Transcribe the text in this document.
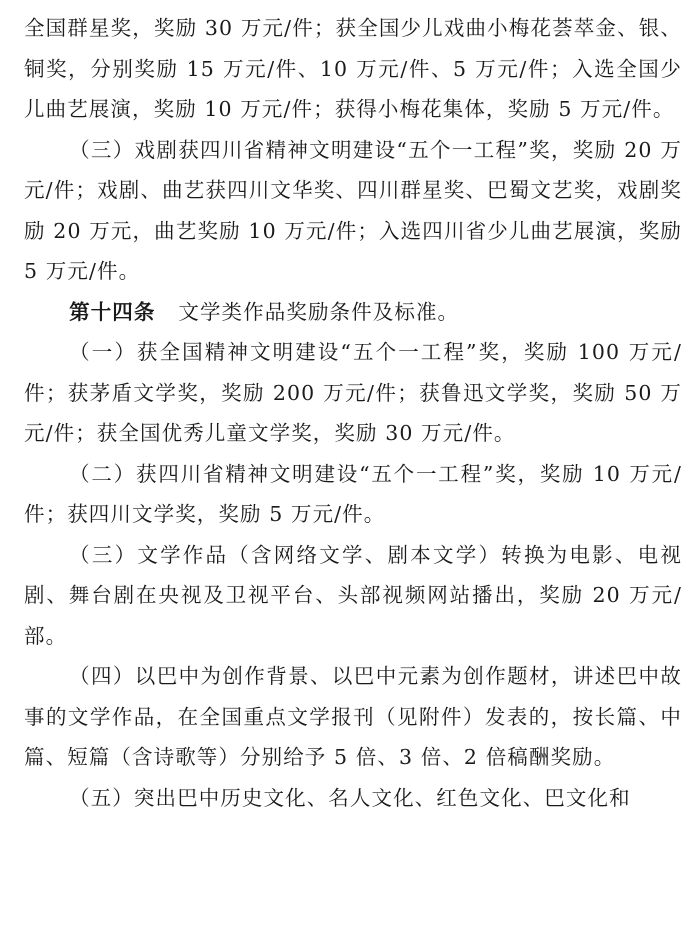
全国群星奖，奖励 30 万元/件；获全国少儿戏曲小梅花荟萃金、银、铜奖，分别奖励 15 万元/件、10 万元/件、5 万元/件；入选全国少儿曲艺展演，奖励 10 万元/件；获得小梅花集体，奖励 5 万元/件。

（三）戏剧获四川省精神文明建设“五个一工程”奖，奖励 20 万元/件；戏剧、曲艺获四川文华奖、四川群星奖、巴蜀文艺奖，戏剧奖励 20 万元，曲艺奖励 10 万元/件；入选四川省少儿曲艺展演，奖励 5 万元/件。

第十四条 文学类作品奖励条件及标准。

（一）获全国精神文明建设“五个一工程”奖，奖励 100 万元/件；获茅盾文学奖，奖励 200 万元/件；获鲁迅文学奖，奖励 50 万元/件；获全国优秀儿童文学奖，奖励 30 万元/件。

（二）获四川省精神文明建设“五个一工程”奖，奖励 10 万元/件；获四川文学奖，奖励 5 万元/件。

（三）文学作品（含网络文学、剧本文学）转换为电影、电视剧、舞台剧在央视及卫视平台、头部视频网站播出，奖励 20 万元/部。

（四）以巴中为创作背景、以巴中元素为创作题材，讲述巴中故事的文学作品，在全国重点文学报刊（见附件）发表的，按长篇、中篇、短篇（含诗歌等）分别给予 5 倍、3 倍、2 倍稿酬奖励。

（五）突出巴中历史文化、名人文化、红色文化、巴文化和
